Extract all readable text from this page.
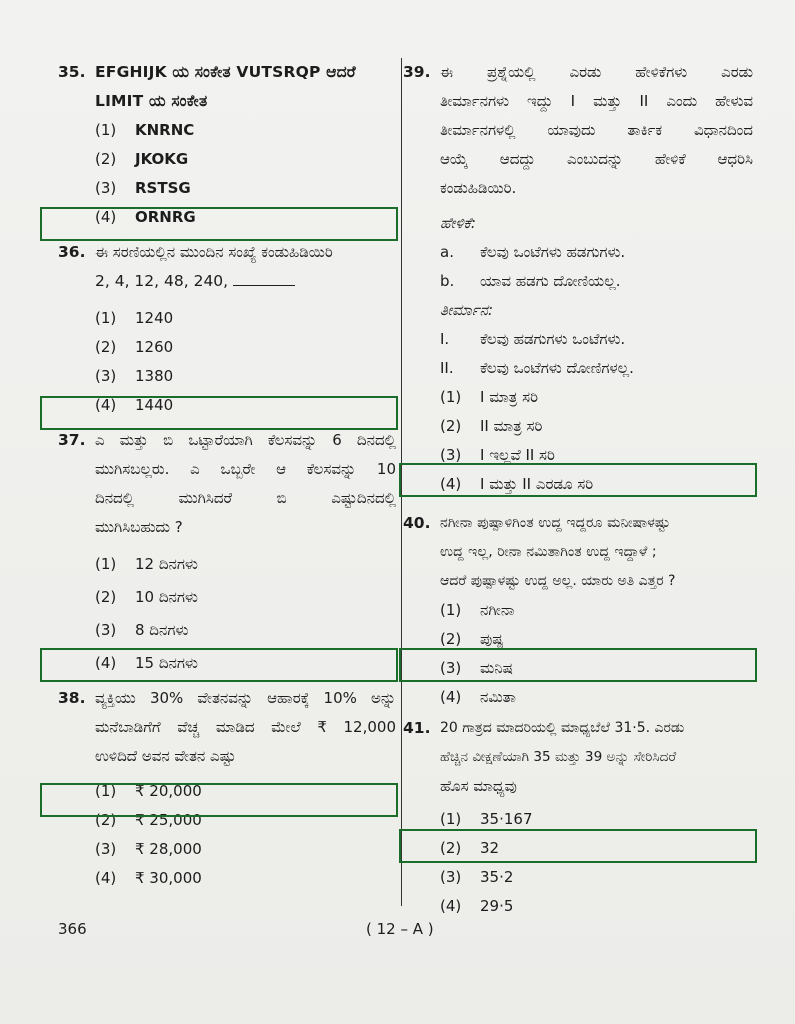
35. EFGHIJK ಯ ಸಂಕೇತ VUTSRQP ಆದರೆ LIMIT ಯ ಸಂಕೇತ
(1)	KNRNC
(2)	JKOKG
(3)	RSTSG
(4)	ORNRG
36. ಈ ಸರಣಿಯಲ್ಲಿನ ಮುಂದಿನ ಸಂಖ್ಯೆ ಕಂಡುಹಿಡಿಯಿರಿ
2, 4, 12, 48, 240,

(1)	1240
(2)	1260
(3)	1380
(4)	1440
37. ಎ ಮತ್ತು ಬಿ ಒಟ್ಟಾರೆಯಾಗಿ ಕೆಲಸವನ್ನು 6 ದಿನದಲ್ಲಿ
ಮುಗಿಸಬಲ್ಲರು. ಎ ಒಬ್ಬರೇ ಆ ಕೆಲಸವನ್ನು 10
ದಿನದಲ್ಲಿ ಮುಗಿಸಿದರೆ ಬಿ ಎಷ್ಟುದಿನದಲ್ಲಿ
ಮುಗಿಸಿಬಹುದು ?
(1)	12 ದಿನಗಳು
(2)	10 ದಿನಗಳು
(3)	8 ದಿನಗಳು
(4)	15 ದಿನಗಳು
38. ವ್ಯಕ್ತಿಯು 30% ವೇತನವನ್ನು ಆಹಾರಕ್ಕೆ 10% ಅನ್ನು
ಮನೆಬಾಡಿಗೆಗೆ ವೆಚ್ಚ ಮಾಡಿದ ಮೇಲೆ ₹ 12,000
ಉಳಿದಿದೆ ಅವನ ವೇತನ ಎಷ್ಟು
(1)	₹ 20,000
(2)	₹ 25,000
(3)	₹ 28,000
(4)	₹ 30,000
39. ಈ ಪ್ರಶ್ನೆಯಲ್ಲಿ ಎರಡು ಹೇಳಿಕೆಗಳು ಎರಡು
ತೀರ್ಮಾನಗಳು ಇದ್ದು I ಮತ್ತು II ಎಂದು ಹೇಳುವ
ತೀರ್ಮಾನಗಳಲ್ಲಿ ಯಾವುದು ತಾರ್ಕಿಕ ವಿಧಾನದಿಂದ
ಆಯ್ಕೆ ಆದದ್ದು ಎಂಬುದನ್ನು ಹೇಳಿಕೆ ಆಧರಿಸಿ
ಕಂಡುಹಿಡಿಯಿರಿ.
ಹೇಳಿಕೆ:
a.	ಕೆಲವು ಒಂಟೆಗಳು ಹಡಗುಗಳು.
b.	ಯಾವ ಹಡಗು ದೋಣಿಯಲ್ಲ.
ತೀರ್ಮಾನ:
I.	ಕೆಲವು ಹಡಗುಗಳು ಒಂಟೆಗಳು.
II.	ಕೆಲವು ಒಂಟೆಗಳು ದೋಣಿಗಳಲ್ಲ.
(1)	I ಮಾತ್ರ ಸರಿ
(2)	II ಮಾತ್ರ ಸರಿ
(3)	I ಇಲ್ಲವೆ II ಸರಿ
(4)	I ಮತ್ತು II ಎರಡೂ ಸರಿ
40. ನಗೀನಾ ಪುಷ್ಪಾಳಿಗಿಂತ ಉದ್ದ ಇದ್ದರೂ ಮನೀಷಾಳಷ್ಟು
ಉದ್ದ ಇಲ್ಲ, ರೀನಾ ನಮಿತಾಗಿಂತ ಉದ್ದ ಇದ್ದಾಳೆ ;
ಆದರೆ ಪುಷ್ಪಾಳಷ್ಟು ಉದ್ದ ಅಲ್ಲ. ಯಾರು ಅತಿ ಎತ್ತರ ?
(1)	ನಗೀನಾ
(2)	ಪುಷ್ಪ
(3)	ಮನಿಷ
(4)	ನಮಿತಾ
41. 20 ಗಾತ್ರದ ಮಾದರಿಯಲ್ಲಿ ಮಾಧ್ಯಬೆಲೆ 31·5. ಎರಡು
ಹೆಚ್ಚಿನ ವೀಕ್ಷಣೆಯಾಗಿ 35 ಮತ್ತು 39 ಅನ್ನು ಸೇರಿಸಿದರೆ
ಹೊಸ ಮಾಧ್ಯವು
(1)	35·167
(2)	32
(3)	35·2
(4)	29·5
366	( 12 – A )
